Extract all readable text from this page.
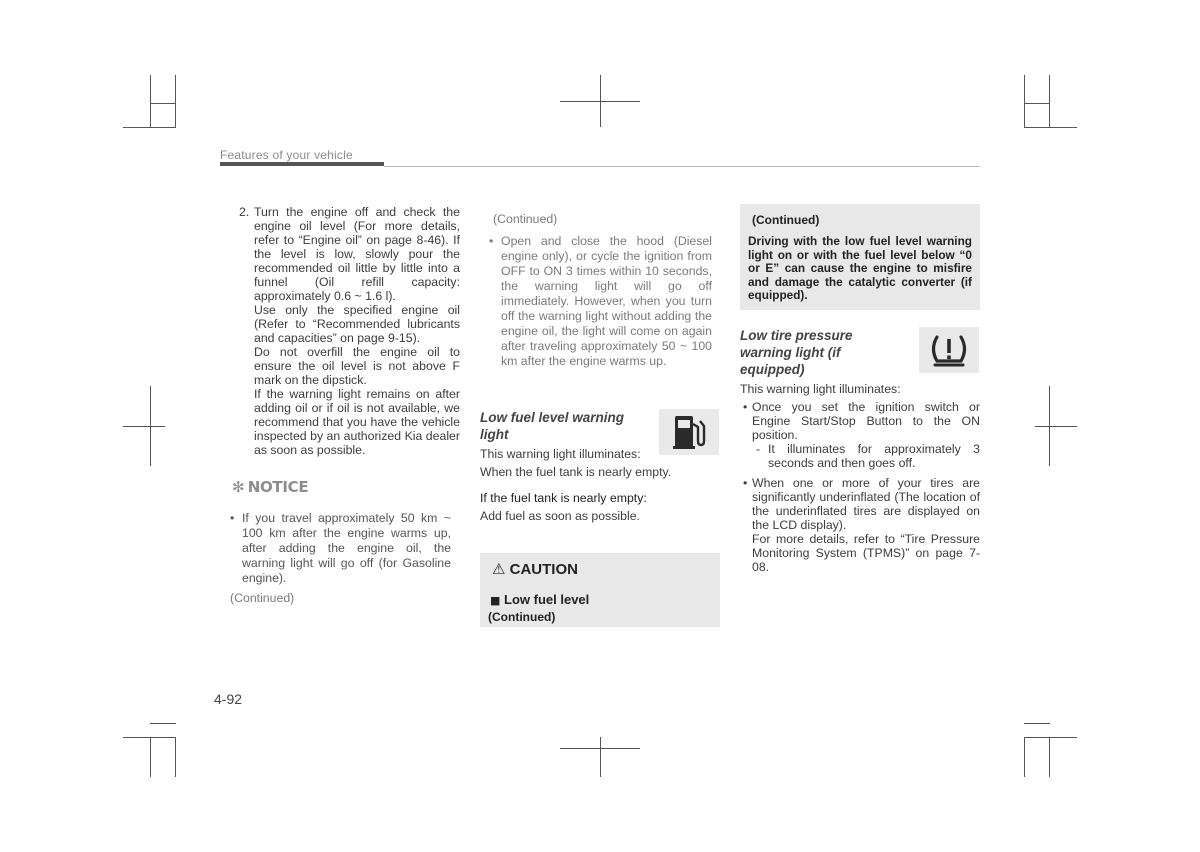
Features of your vehicle
2. Turn the engine off and check the engine oil level (For more details, refer to “Engine oil” on page 8-46). If the level is low, slowly pour the recommended oil little by little into a funnel (Oil refill capacity: approximately 0.6 ~ 1.6 l).

Use only the specified engine oil (Refer to “Recommended lubricants and capacities” on page 9-15).

Do not overfill the engine oil to ensure the oil level is not above F mark on the dipstick.

If the warning light remains on after adding oil or if oil is not available, we recommend that you have the vehicle inspected by an authorized Kia dealer as soon as possible.

✻ NOTICE
• If you travel approximately 50 km ~ 100 km after the engine warms up, after adding the engine oil, the warning light will go off (for Gasoline engine).

(Continued)

(Continued)

• Open and close the hood (Diesel engine only), or cycle the ignition from OFF to ON 3 times within 10 seconds, the warning light will go off immediately. However, when you turn off the warning light without adding the engine oil, the light will come on again after traveling approximately 50 ~ 100 km after the engine warms up.

Low fuel level warning light

This warning light illuminates:

When the fuel tank is nearly empty.

If the fuel tank is nearly empty:

Add fuel as soon as possible.

⚠ CAUTION
■ Low fuel level
(Continued)
(Continued)

Driving with the low fuel level warning light on or with the fuel level below “0 or E” can cause the engine to misfire and damage the catalytic converter (if equipped).

Low tire pressure warning light (if equipped)

This warning light illuminates:

• Once you set the ignition switch or Engine Start/Stop Button to the ON position.

- It illuminates for approximately 3 seconds and then goes off.

• When one or more of your tires are significantly underinflated (The location of the underinflated tires are displayed on the LCD display).

For more details, refer to “Tire Pressure Monitoring System (TPMS)” on page 7-08.

4-92
